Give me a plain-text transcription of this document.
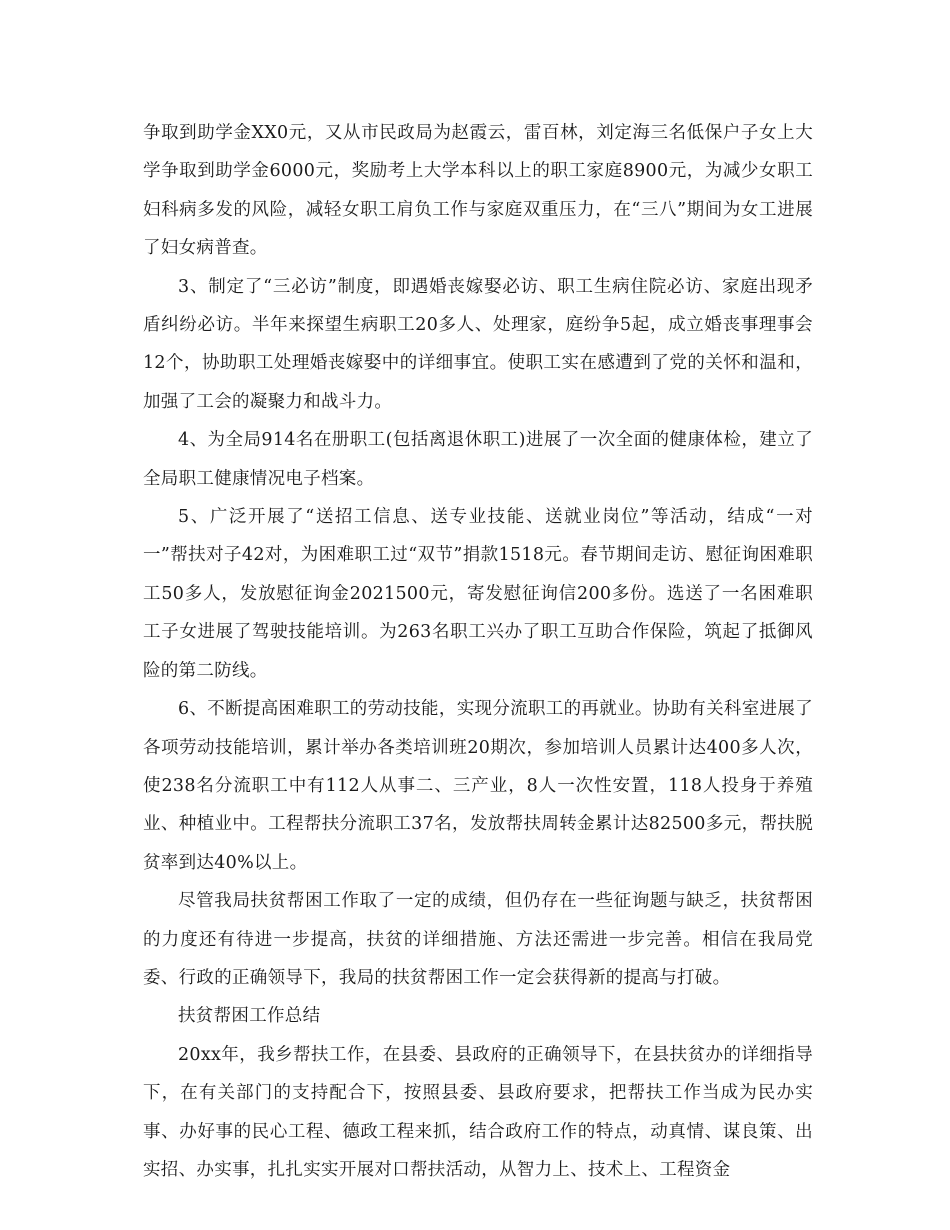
争取到助学金XX0元，又从市民政局为赵霞云，雷百林，刘定海三名低保户子女上大学争取到助学金6000元，奖励考上大学本科以上的职工家庭8900元，为减少女职工妇科病多发的风险，减轻女职工肩负工作与家庭双重压力，在“三八”期间为女工进展了妇女病普查。

3、制定了“三必访”制度，即遇婚丧嫁娶必访、职工生病住院必访、家庭出现矛盾纠纷必访。半年来探望生病职工20多人、处理家，庭纷争5起，成立婚丧事理事会12个，协助职工处理婚丧嫁娶中的详细事宜。使职工实在感遭到了党的关怀和温和，加强了工会的凝聚力和战斗力。

4、为全局914名在册职工(包括离退休职工)进展了一次全面的健康体检，建立了全局职工健康情况电子档案。

5、广泛开展了“送招工信息、送专业技能、送就业岗位”等活动，结成“一对一”帮扶对子42对，为困难职工过“双节”捐款1518元。春节期间走访、慰征询困难职工50多人，发放慰征询金2021500元，寄发慰征询信200多份。选送了一名困难职工子女进展了驾驶技能培训。为263名职工兴办了职工互助合作保险，筑起了抵御风险的第二防线。

6、不断提高困难职工的劳动技能，实现分流职工的再就业。协助有关科室进展了各项劳动技能培训，累计举办各类培训班20期次，参加培训人员累计达400多人次，使238名分流职工中有112人从事二、三产业，8人一次性安置，118人投身于养殖业、种植业中。工程帮扶分流职工37名，发放帮扶周转金累计达82500多元，帮扶脱贫率到达40%以上。

尽管我局扶贫帮困工作取了一定的成绩，但仍存在一些征询题与缺乏，扶贫帮困的力度还有待进一步提高，扶贫的详细措施、方法还需进一步完善。相信在我局党委、行政的正确领导下，我局的扶贫帮困工作一定会获得新的提高与打破。

扶贫帮困工作总结

20xx年，我乡帮扶工作，在县委、县政府的正确领导下，在县扶贫办的详细指导下，在有关部门的支持配合下，按照县委、县政府要求，把帮扶工作当成为民办实事、办好事的民心工程、德政工程来抓，结合政府工作的特点，动真情、谋良策、出实招、办实事，扎扎实实开展对口帮扶活动，从智力上、技术上、工程资金
